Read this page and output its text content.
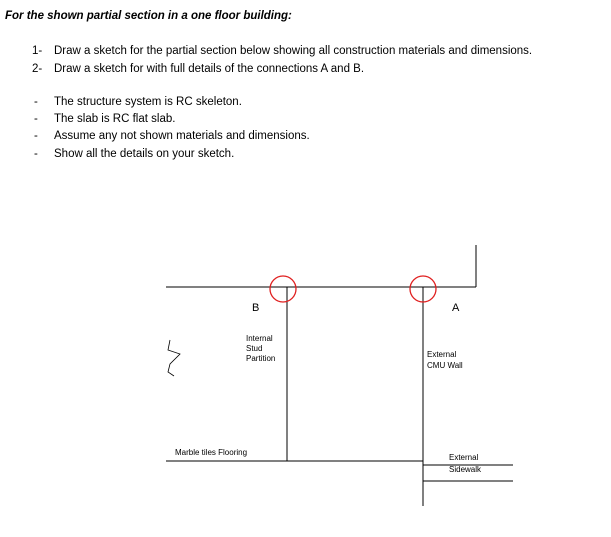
For the shown partial section in a one floor building:
1- Draw a sketch for the partial section below showing all construction materials and dimensions.
2- Draw a sketch for with full details of the connections A and B.
- The structure system is RC skeleton.
- The slab is RC flat slab.
- Assume any not shown materials and dimensions.
- Show all the details on your sketch.
B	A
Internal
Stud
Partition	External
CMU Wall
Marble tiles Flooring
External
Sidewalk
